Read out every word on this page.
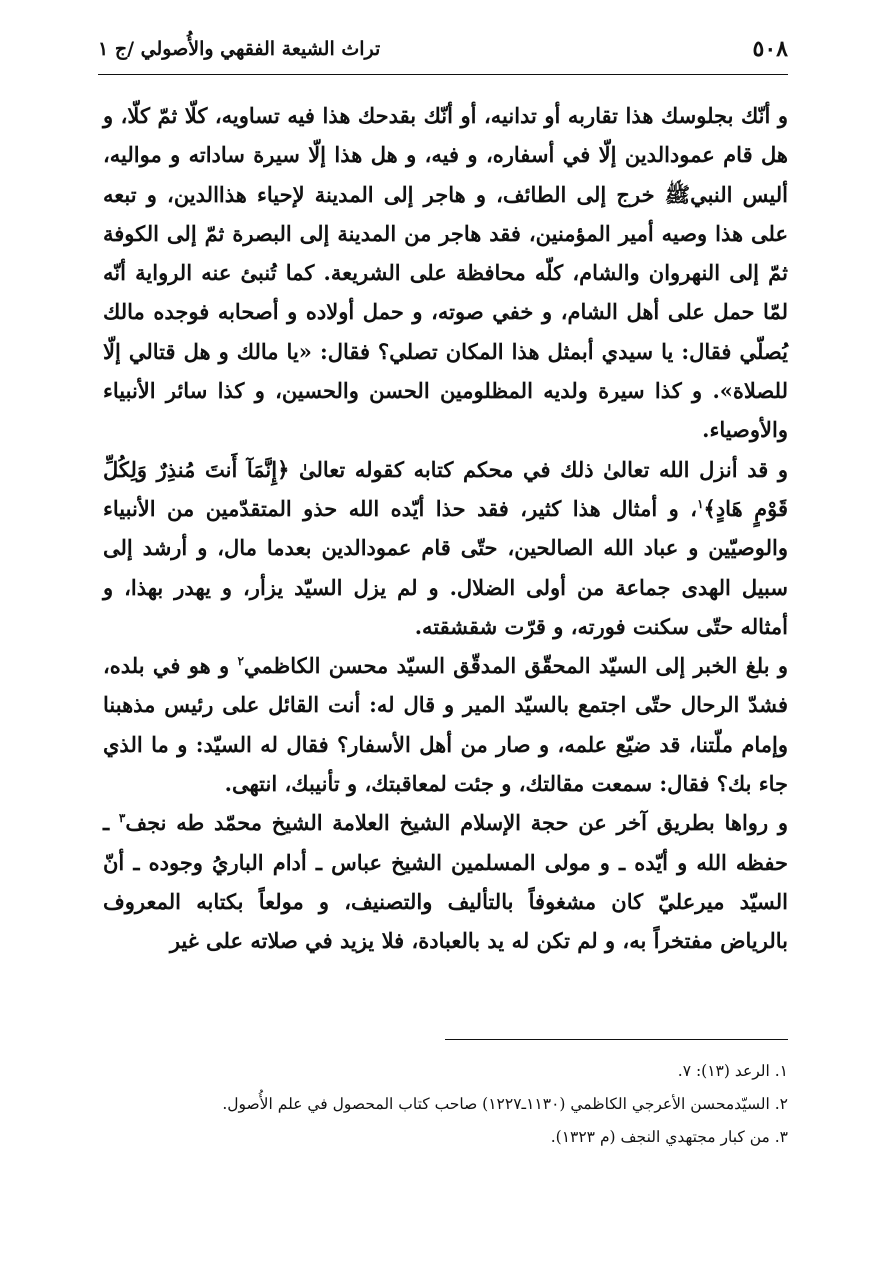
٥٠٨
تراث الشيعة الفقهي والأُصولي /ج ١

و أنّك بجلوسك هذا تقاربه أو تدانيه، أو أنّك بقدحك هذا فيه تساويه، كلّا ثمّ كلّا، و هل قام عمودالدين إلّا في أسفاره، و فيه، و هل هذا إلّا سيرة ساداته و مواليه، أليس النبيﷺ خرج إلى الطائف، و هاجر إلى المدينة لإحياء هذاالدين، و تبعه على هذا وصيه أمير المؤمنين‏، فقد هاجر من المدينة إلى البصرة ثمّ إلى الكوفة ثمّ إلى النهروان والشام، كلّه محافظة على الشريعة. كما تُنبئ عنه الرواية أنّه لمّا حمل على أهل الشام، و خفي صوته، و حمل أولاده و أصحابه فوجده مالك يُصلّي فقال: يا سيدي أبمثل هذا المكان تصلي؟ فقال: «يا مالك و هل قتالي إلّا للصلاة». و كذا سيرة ولديه المظلومين الحسن والحسين، و كذا سائر الأنبياء والأوصياء.

و قد أنزل الله تعالىٰ ذلك في محكم كتابه كقوله تعالىٰ ﴿إِنَّمَآ أَنتَ مُنذِرٌ وَلِكُلِّ قَوْمٍ هَادٍ﴾$^١$، و أمثال هذا كثير، فقد حذا أيّده الله حذو المتقدّمين من الأنبياء والوصيّين و عباد الله الصالحين، حتّى قام عمودالدين بعدما مال، و أرشد إلى سبيل الهدى جماعة من أولى الضلال. و لم يزل السيّد يزأر، و يهدر بهذا، و أمثاله حتّى سكنت فورته، و قرّت شقشقته.

و بلغ الخبر إلى السيّد المحقّق المدقّق السيّد محسن الكاظمي$^٢$ و هو في بلده، فشدّ الرحال حتّى اجتمع بالسيّد المير و قال له: أنت القائل على رئيس مذهبنا وإمام ملّتنا، قد ضيّع علمه، و صار من أهل الأسفار؟ فقال له السيّد: و ما الذي جاء بك؟ فقال: سمعت مقالتك، و جئت لمعاقبتك، و تأنيبك، انتهى.

و رواها بطريق آخر عن حجة الإسلام الشيخ العلامة الشيخ محمّد طه نجف$^٣$ ـ حفظه الله و أيّده ـ و مولى المسلمين الشيخ عباس ـ أدام الباريُ وجوده ـ أنّ السيّد ميرعليّ كان مشغوفاً بالتأليف والتصنيف، و مولعاً بكتابه المعروف بالرياض مفتخراً به، و لم تكن له يد بالعبادة، فلا يزيد في صلاته على غير

١. الرعد (١٣): ٧.
٢. السيّدمحسن الأعرجي الكاظمي (١١٣٠ـ١٢٢٧) صاحب كتاب المحصول في علم الأُصول.
٣. من كبار مجتهدي النجف (م ١٣٢٣).
